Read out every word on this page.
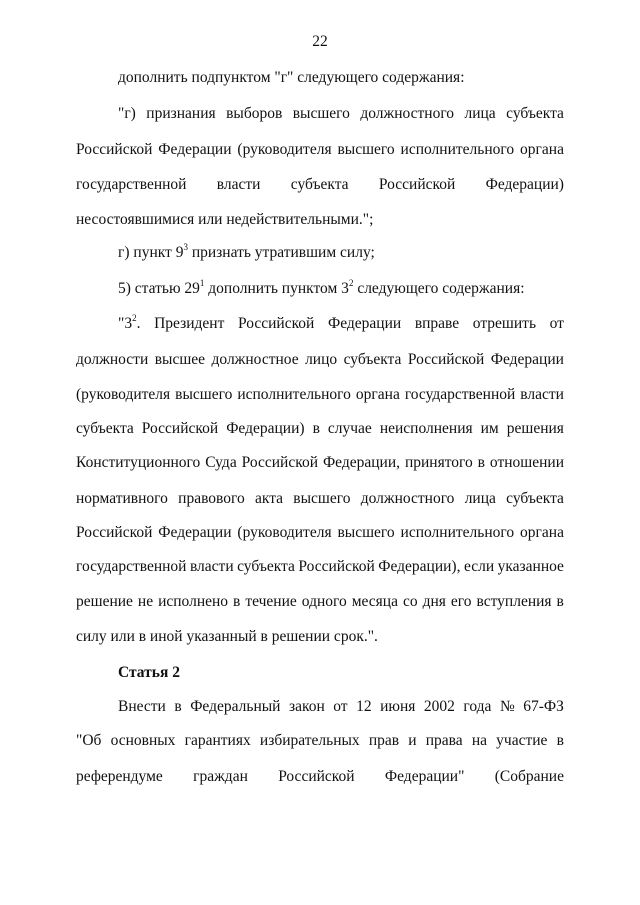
22
дополнить подпунктом "г" следующего содержания:
"г) признания выборов высшего должностного лица субъекта
Российской Федерации (руководителя высшего исполнительного органа
государственной власти субъекта Российской Федерации)
несостоявшимися или недействительными.";
г) пункт $9^3$ признать утратившим силу;
5) статью $29^1$ дополнить пунктом $3^2$ следующего содержания:
"$3^2$. Президент Российской Федерации вправе отрешить от
должности высшее должностное лицо субъекта Российской Федерации
(руководителя высшего исполнительного органа государственной власти
субъекта Российской Федерации) в случае неисполнения им решения
Конституционного Суда Российской Федерации, принятого в отношении
нормативного правового акта высшего должностного лица субъекта
Российской Федерации (руководителя высшего исполнительного органа
государственной власти субъекта Российской Федерации), если указанное
решение не исполнено в течение одного месяца со дня его вступления в
силу или в иной указанный в решении срок.".
Статья 2
Внести в Федеральный закон от 12 июня 2002 года № 67-ФЗ
"Об основных гарантиях избирательных прав и права на участие в
референдуме граждан Российской Федерации" (Собрание
